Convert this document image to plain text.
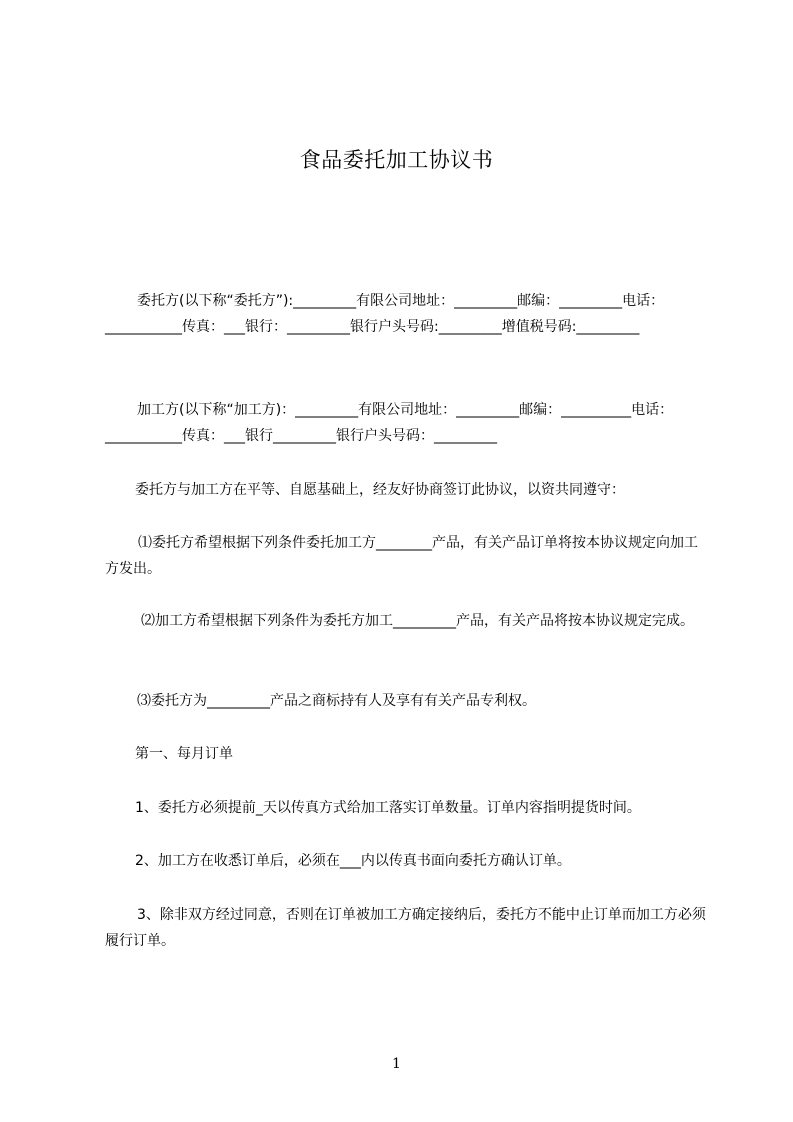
食品委托加工协议书

委托方(以下称“委托方”):_________有限公司地址：_________邮编：_________电话：___________传真：___银行：_________银行户头号码:_________增值税号码:_________

加工方(以下称“加工方)：_________有限公司地址：_________邮编：__________电话：___________传真：___银行_________银行户头号码：_________

委托方与加工方在平等、自愿基础上，经友好协商签订此协议，以资共同遵守：

⑴委托方希望根据下列条件委托加工方________产品，有关产品订单将按本协议规定向加工方发出。

⑵加工方希望根据下列条件为委托方加工_________产品，有关产品将按本协议规定完成。

⑶委托方为_________产品之商标持有人及享有有关产品专利权。

第一、每月订单

1、委托方必须提前_天以传真方式给加工落实订单数量。订单内容指明提货时间。

2、加工方在收悉订单后，必须在___内以传真书面向委托方确认订单。

3、除非双方经过同意，否则在订单被加工方确定接纳后，委托方不能中止订单而加工方必须履行订单。

1
